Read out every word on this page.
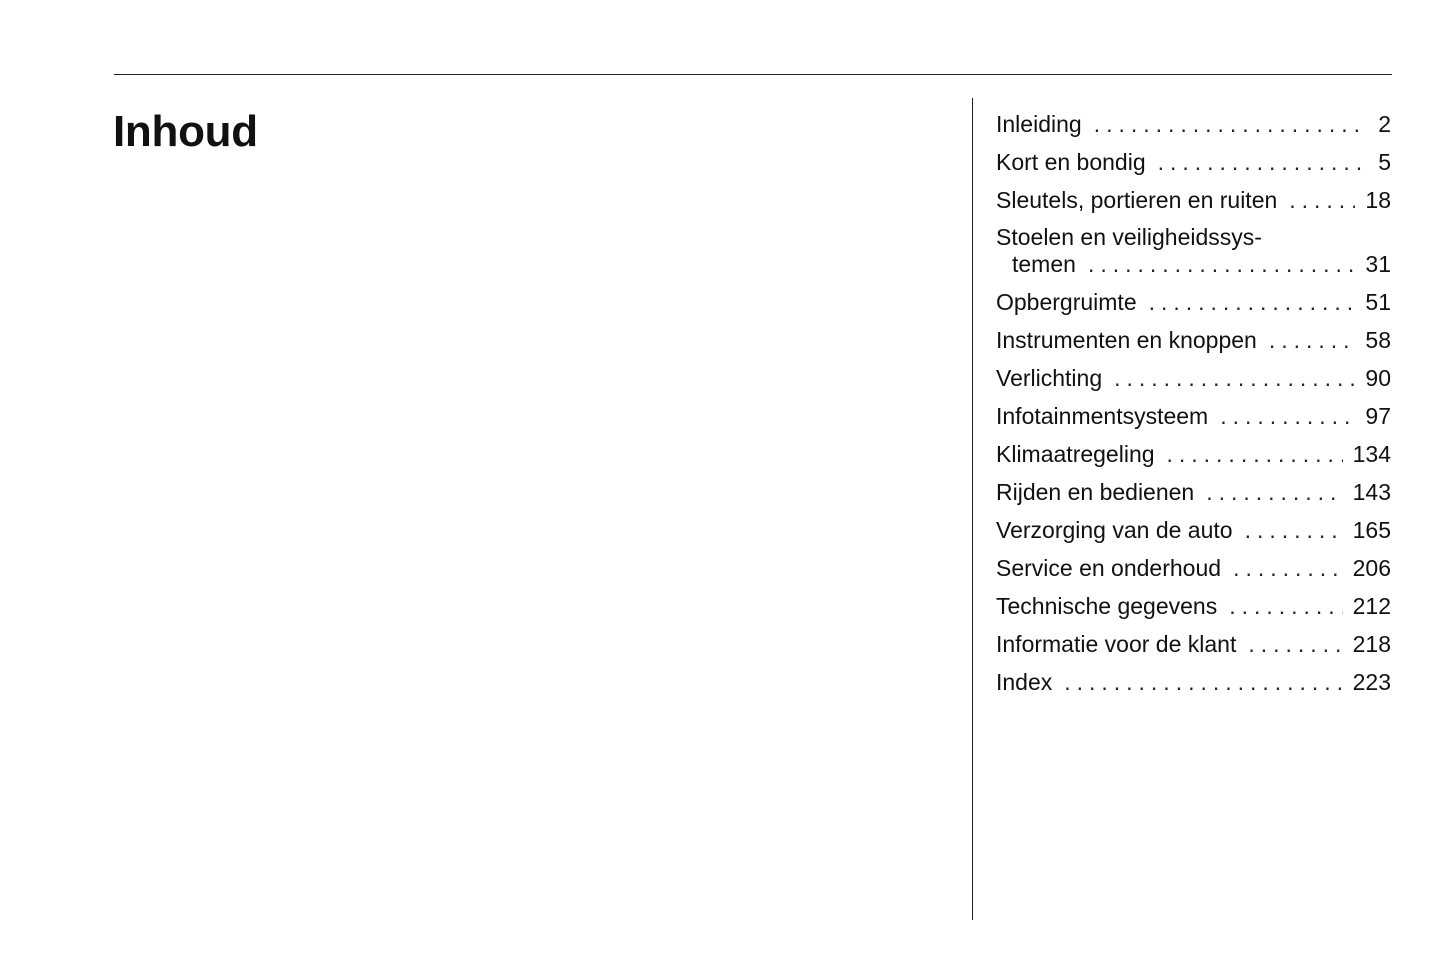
Inhoud	Inleiding . . .	2
Kort en bondig . . .	5
Sleutels, portieren en ruiten . . .	18
Stoelen en veiligheidssys-
temen . . .	31
Opbergruimte . . .	51
Instrumenten en knoppen . . .	58
Verlichting . . .	90
Infotainmentsysteem . . .	97
Klimaatregeling . . .	134
Rijden en bedienen . . .	143
Verzorging van de auto . . .	165
Service en onderhoud . . .	206
Technische gegevens . . .	212
Informatie voor de klant . . .	218
Index . . .	223
